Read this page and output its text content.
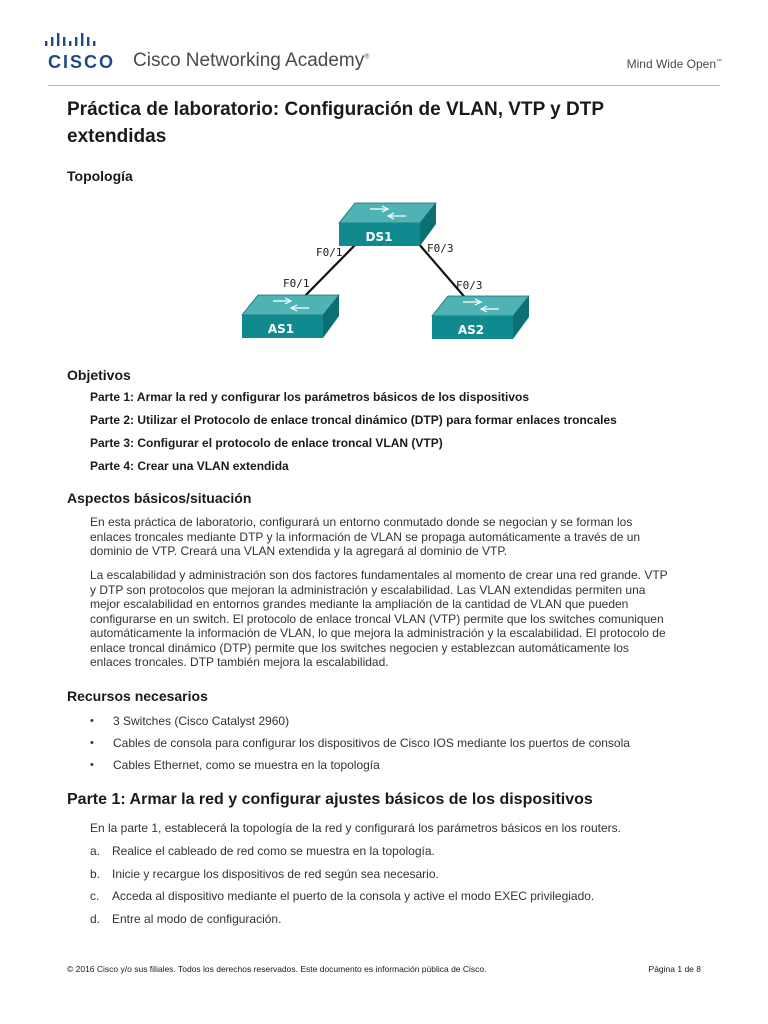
CISCO Cisco Networking Academy®	Mind Wide Open™
Práctica de laboratorio: Configuración de VLAN, VTP y DTP extendidas
Topología
DS1
AS1	AS2
F0/1	F0/3
F0/1	F0/3
Objetivos
Parte 1: Armar la red y configurar los parámetros básicos de los dispositivos
Parte 2: Utilizar el Protocolo de enlace troncal dinámico (DTP) para formar enlaces troncales
Parte 3: Configurar el protocolo de enlace troncal VLAN (VTP)
Parte 4: Crear una VLAN extendida
Aspectos básicos/situación
En esta práctica de laboratorio, configurará un entorno conmutado donde se negocian y se forman los
enlaces troncales mediante DTP y la información de VLAN se propaga automáticamente a través de un
dominio de VTP. Creará una VLAN extendida y la agregará al dominio de VTP.
La escalabilidad y administración son dos factores fundamentales al momento de crear una red grande. VTP
y DTP son protocolos que mejoran la administración y escalabilidad. Las VLAN extendidas permiten una
mejor escalabilidad en entornos grandes mediante la ampliación de la cantidad de VLAN que pueden
configurarse en un switch. El protocolo de enlace troncal VLAN (VTP) permite que los switches comuniquen
automáticamente la información de VLAN, lo que mejora la administración y la escalabilidad. El protocolo de
enlace troncal dinámico (DTP) permite que los switches negocien y establezcan automáticamente los
enlaces troncales. DTP también mejora la escalabilidad.
Recursos necesarios
• 3 Switches (Cisco Catalyst 2960)
• Cables de consola para configurar los dispositivos de Cisco IOS mediante los puertos de consola
• Cables Ethernet, como se muestra en la topología
Parte 1: Armar la red y configurar ajustes básicos de los dispositivos
En la parte 1, establecerá la topología de la red y configurará los parámetros básicos en los routers.
a. Realice el cableado de red como se muestra en la topología.
b. Inicie y recargue los dispositivos de red según sea necesario.
c. Acceda al dispositivo mediante el puerto de la consola y active el modo EXEC privilegiado.
d. Entre al modo de configuración.
© 2016 Cisco y/o sus filiales. Todos los derechos reservados. Este documento es información pública de Cisco.	Página 1 de 8
